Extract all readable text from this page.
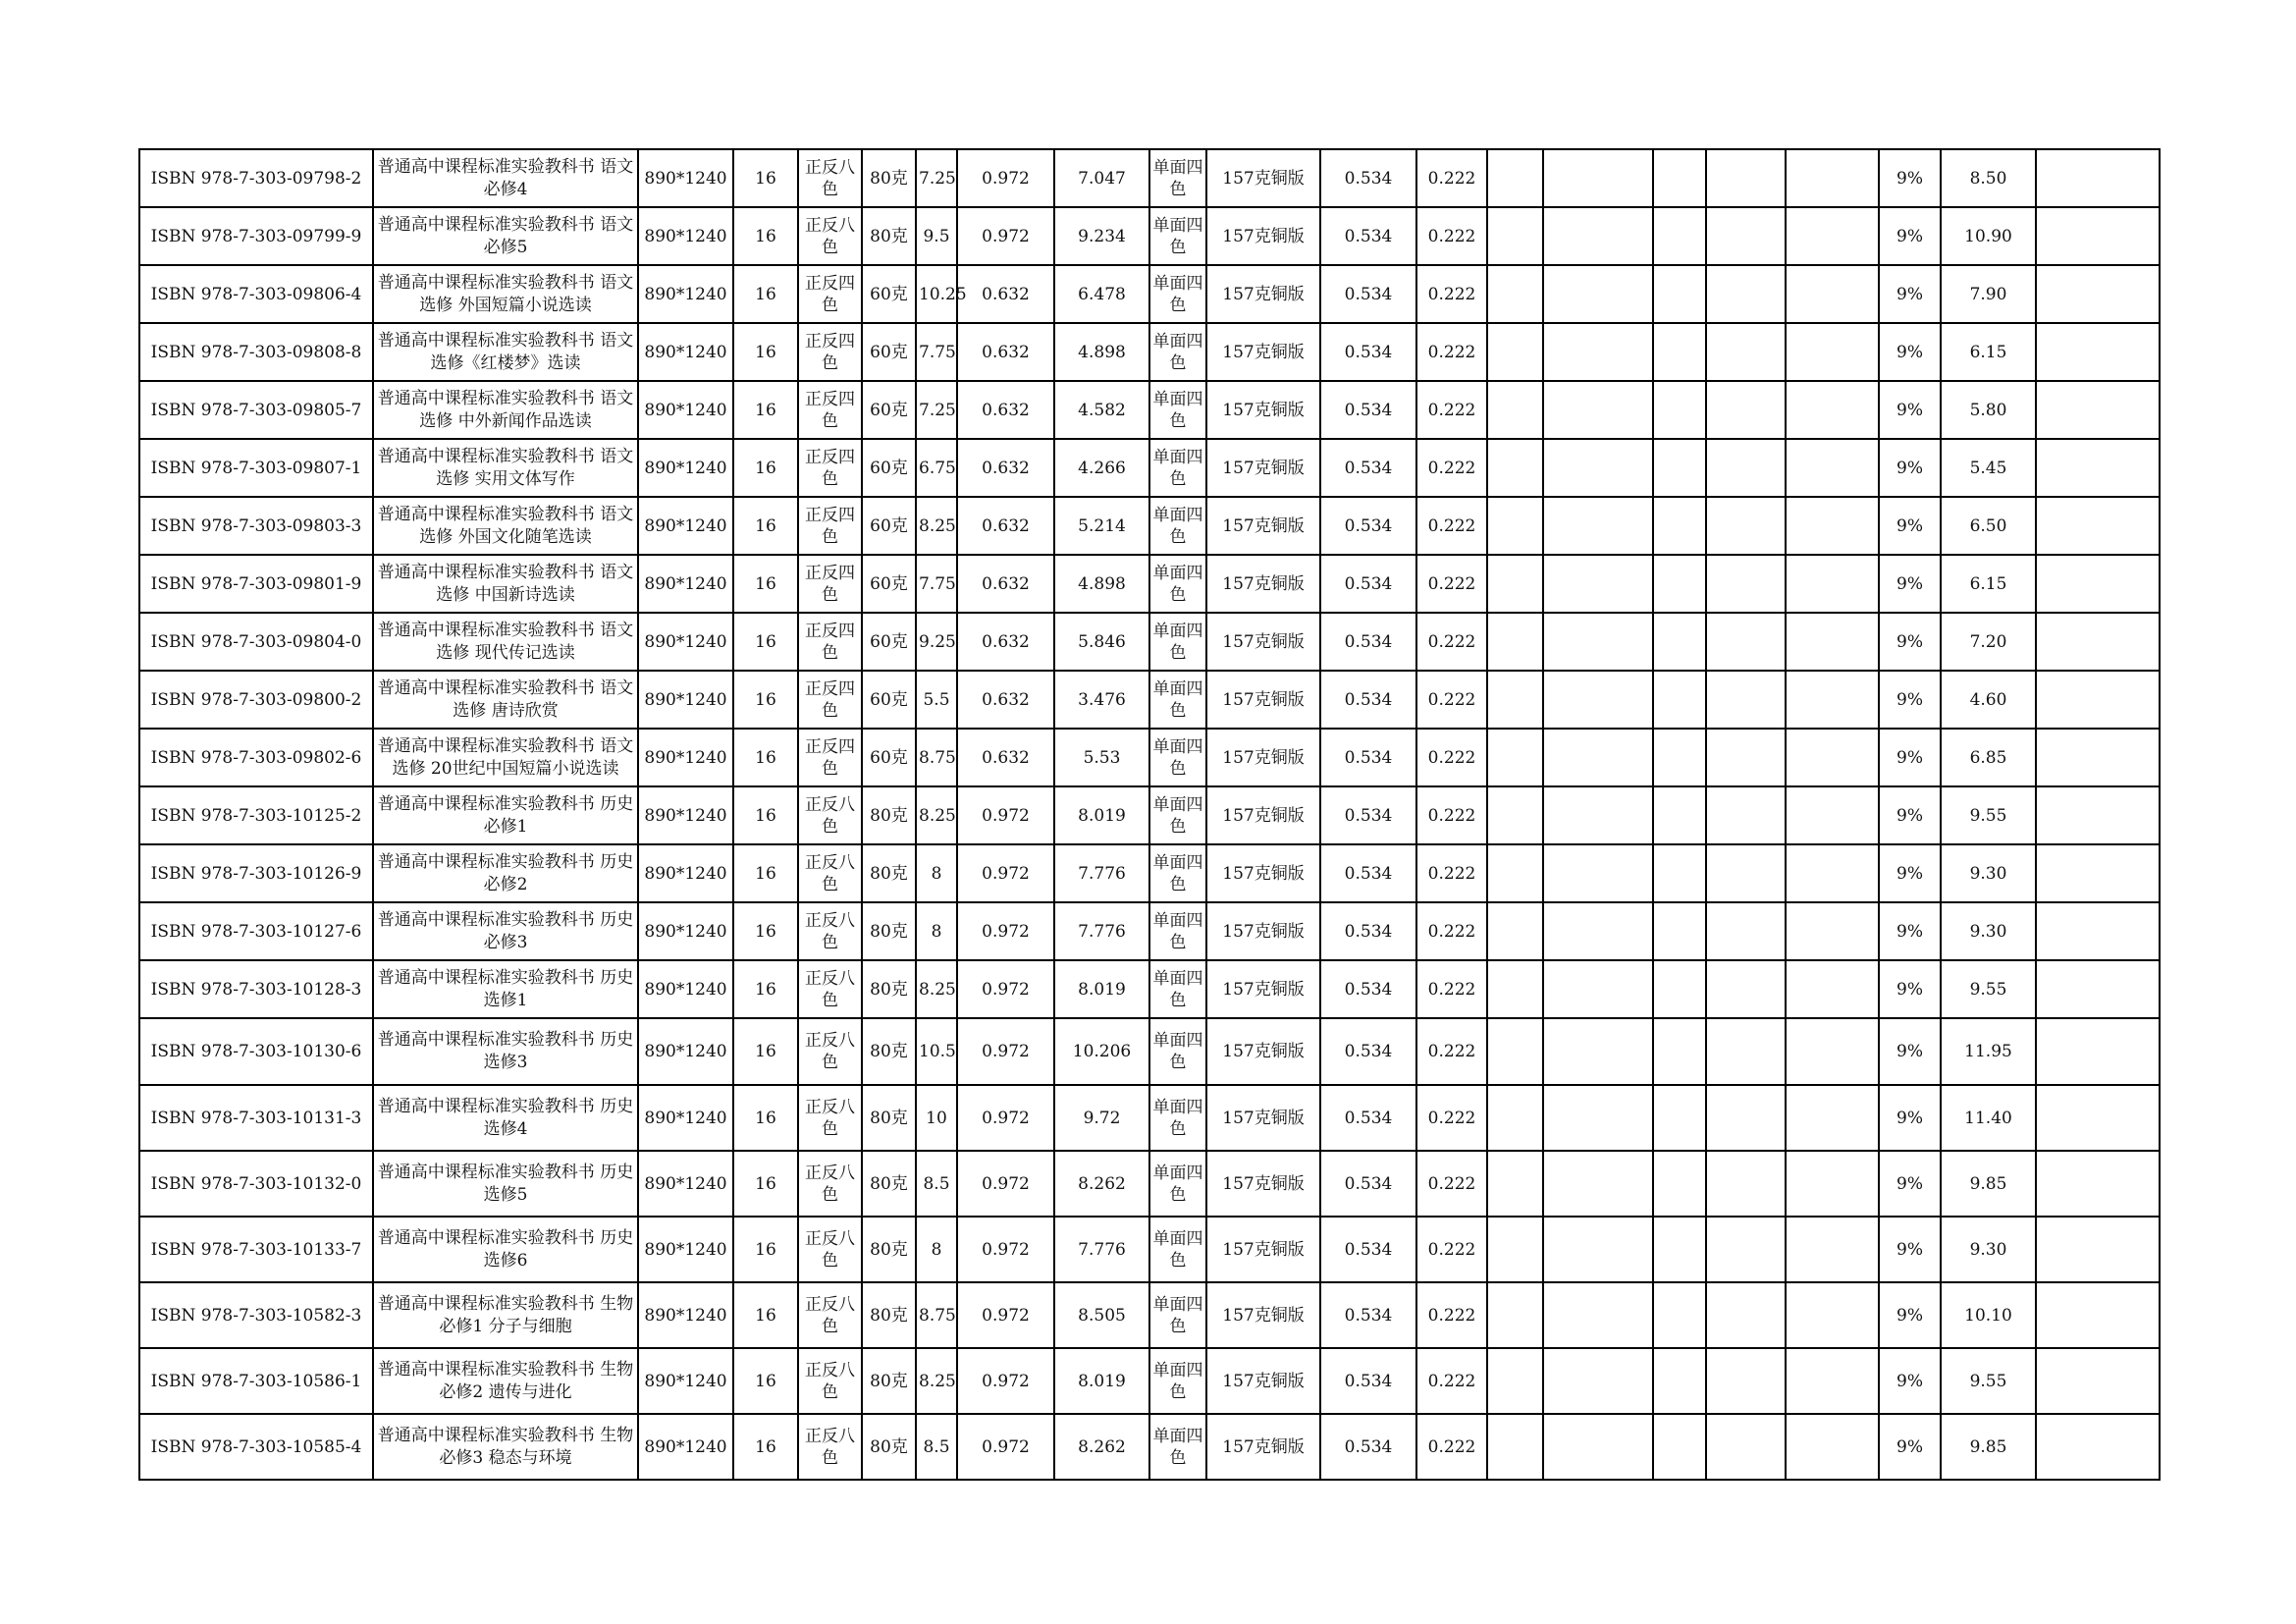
ISBN 978-7-303-09798-2	普通高中课程标准实验教科书 语文必修4	890*1240	16	正反八色	80克	7.25	0.972	7.047	单面四色	157克铜版	0.534	0.222						9%	8.50	
ISBN 978-7-303-09799-9	普通高中课程标准实验教科书 语文必修5	890*1240	16	正反八色	80克	9.5	0.972	9.234	单面四色	157克铜版	0.534	0.222						9%	10.90	
ISBN 978-7-303-09806-4	普通高中课程标准实验教科书 语文选修 外国短篇小说选读	890*1240	16	正反四色	60克	10.25	0.632	6.478	单面四色	157克铜版	0.534	0.222						9%	7.90	
ISBN 978-7-303-09808-8	普通高中课程标准实验教科书 语文选修《红楼梦》选读	890*1240	16	正反四色	60克	7.75	0.632	4.898	单面四色	157克铜版	0.534	0.222						9%	6.15	
ISBN 978-7-303-09805-7	普通高中课程标准实验教科书 语文选修 中外新闻作品选读	890*1240	16	正反四色	60克	7.25	0.632	4.582	单面四色	157克铜版	0.534	0.222						9%	5.80	
ISBN 978-7-303-09807-1	普通高中课程标准实验教科书 语文选修 实用文体写作	890*1240	16	正反四色	60克	6.75	0.632	4.266	单面四色	157克铜版	0.534	0.222						9%	5.45	
ISBN 978-7-303-09803-3	普通高中课程标准实验教科书 语文选修 外国文化随笔选读	890*1240	16	正反四色	60克	8.25	0.632	5.214	单面四色	157克铜版	0.534	0.222						9%	6.50	
ISBN 978-7-303-09801-9	普通高中课程标准实验教科书 语文选修 中国新诗选读	890*1240	16	正反四色	60克	7.75	0.632	4.898	单面四色	157克铜版	0.534	0.222						9%	6.15	
ISBN 978-7-303-09804-0	普通高中课程标准实验教科书 语文选修 现代传记选读	890*1240	16	正反四色	60克	9.25	0.632	5.846	单面四色	157克铜版	0.534	0.222						9%	7.20	
ISBN 978-7-303-09800-2	普通高中课程标准实验教科书 语文选修 唐诗欣赏	890*1240	16	正反四色	60克	5.5	0.632	3.476	单面四色	157克铜版	0.534	0.222						9%	4.60	
ISBN 978-7-303-09802-6	普通高中课程标准实验教科书 语文选修 20世纪中国短篇小说选读	890*1240	16	正反四色	60克	8.75	0.632	5.53	单面四色	157克铜版	0.534	0.222						9%	6.85	
ISBN 978-7-303-10125-2	普通高中课程标准实验教科书 历史必修1	890*1240	16	正反八色	80克	8.25	0.972	8.019	单面四色	157克铜版	0.534	0.222						9%	9.55	
ISBN 978-7-303-10126-9	普通高中课程标准实验教科书 历史必修2	890*1240	16	正反八色	80克	8	0.972	7.776	单面四色	157克铜版	0.534	0.222						9%	9.30	
ISBN 978-7-303-10127-6	普通高中课程标准实验教科书 历史必修3	890*1240	16	正反八色	80克	8	0.972	7.776	单面四色	157克铜版	0.534	0.222						9%	9.30	
ISBN 978-7-303-10128-3	普通高中课程标准实验教科书 历史选修1	890*1240	16	正反八色	80克	8.25	0.972	8.019	单面四色	157克铜版	0.534	0.222						9%	9.55	
ISBN 978-7-303-10130-6	普通高中课程标准实验教科书 历史选修3	890*1240	16	正反八色	80克	10.5	0.972	10.206	单面四色	157克铜版	0.534	0.222						9%	11.95	
ISBN 978-7-303-10131-3	普通高中课程标准实验教科书 历史选修4	890*1240	16	正反八色	80克	10	0.972	9.72	单面四色	157克铜版	0.534	0.222						9%	11.40	
ISBN 978-7-303-10132-0	普通高中课程标准实验教科书 历史选修5	890*1240	16	正反八色	80克	8.5	0.972	8.262	单面四色	157克铜版	0.534	0.222						9%	9.85	
ISBN 978-7-303-10133-7	普通高中课程标准实验教科书 历史选修6	890*1240	16	正反八色	80克	8	0.972	7.776	单面四色	157克铜版	0.534	0.222						9%	9.30	
ISBN 978-7-303-10582-3	普通高中课程标准实验教科书 生物必修1 分子与细胞	890*1240	16	正反八色	80克	8.75	0.972	8.505	单面四色	157克铜版	0.534	0.222						9%	10.10	
ISBN 978-7-303-10586-1	普通高中课程标准实验教科书 生物必修2 遗传与进化	890*1240	16	正反八色	80克	8.25	0.972	8.019	单面四色	157克铜版	0.534	0.222						9%	9.55	
ISBN 978-7-303-10585-4	普通高中课程标准实验教科书 生物必修3 稳态与环境	890*1240	16	正反八色	80克	8.5	0.972	8.262	单面四色	157克铜版	0.534	0.222						9%	9.85	
